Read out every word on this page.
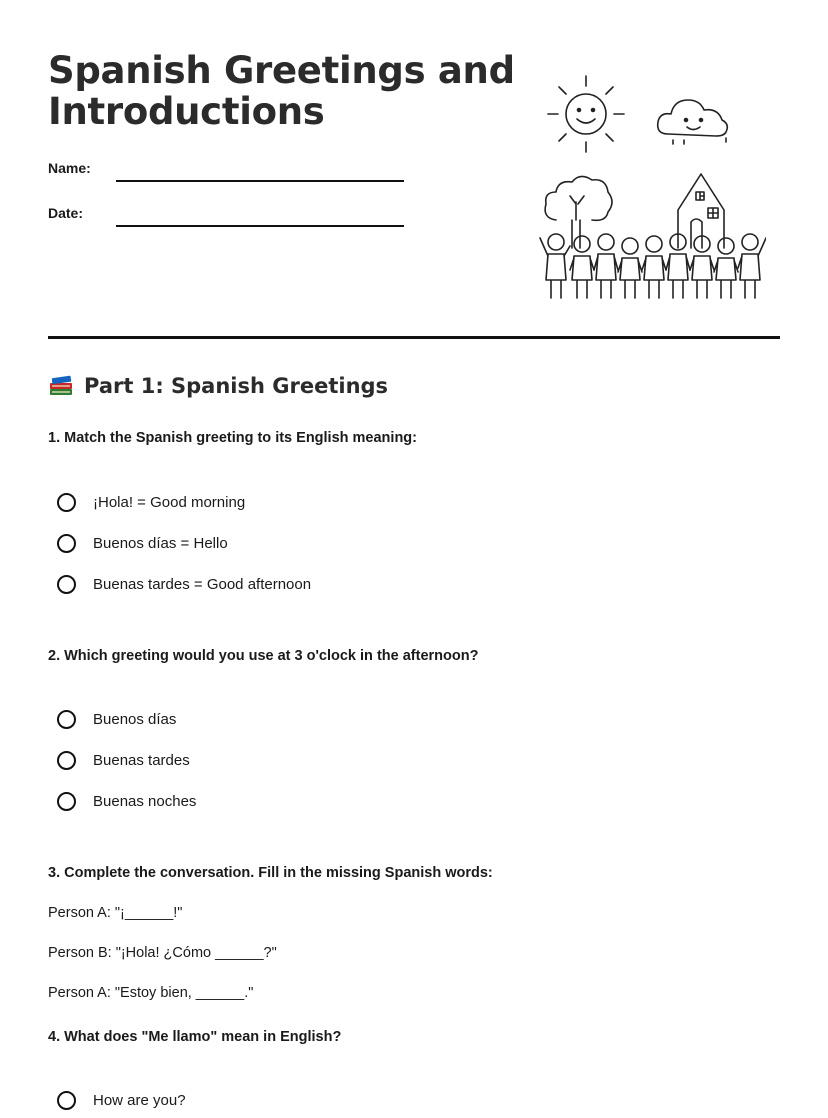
Spanish Greetings and Introductions
Name:
Date:
Part 1: Spanish Greetings

1. Match the Spanish greeting to its English meaning:

¡Hola! = Good morning
Buenos días = Hello
Buenas tardes = Good afternoon

2. Which greeting would you use at 3 o'clock in the afternoon?

Buenos días
Buenas tardes
Buenas noches

3. Complete the conversation. Fill in the missing Spanish words:

Person A: "¡______!"

Person B: "¡Hola! ¿Cómo ______?"

Person A: "Estoy bien, ______."

4. What does "Me llamo" mean in English?

How are you?
